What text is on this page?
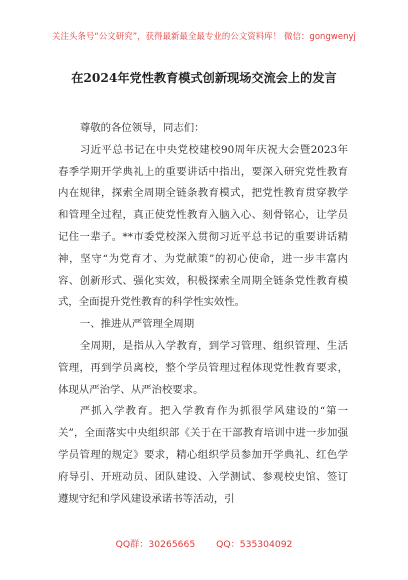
关注头条号“公文研究”，获得最新最全最专业的公文资料库！ 微信：gongwenyj
在2024年党性教育模式创新现场交流会上的发言

尊敬的各位领导，同志们：

习近平总书记在中央党校建校90周年庆祝大会暨2023年春季学期开学典礼上的重要讲话中指出，要深入研究党性教育内在规律，探索全周期全链条教育模式，把党性教育贯穿教学和管理全过程，真正使党性教育入脑入心、刻骨铭心，让学员记住一辈子。**市委党校深入贯彻习近平总书记的重要讲话精神，坚守“为党育才、为党献策”的初心使命，进一步丰富内容、创新形式、强化实效，积极探索全周期全链条党性教育模式，全面提升党性教育的科学性实效性。

一、推进从严管理全周期

全周期，是指从入学教育，到学习管理、组织管理、生活管理，再到学员离校，整个学员管理过程体现党性教育要求，体现从严治学、从严治校要求。

严抓入学教育。把入学教育作为抓很学风建设的“第一关”，全面落实中央组织部《关于在干部教育培训中进一步加强学员管理的规定》要求，精心组织学员参加开学典礼、红色学府导引、开班动员、团队建设、入学测试、参观校史馆、签订遵规守纪和学风建设承诺书等活动，引

QQ群：30265665 QQ：535304092
